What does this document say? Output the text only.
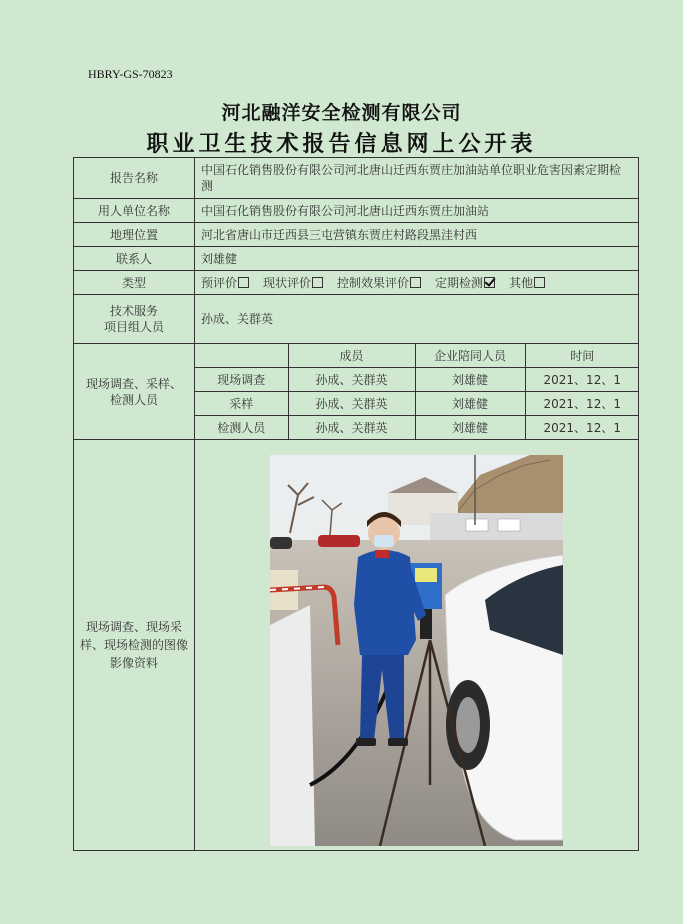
HBRY-GS-70823
河北融洋安全检测有限公司
职业卫生技术报告信息网上公开表
报告名称	中国石化销售股份有限公司河北唐山迁西东贾庄加油站单位职业危害因素定期检测
用人单位名称	中国石化销售股份有限公司河北唐山迁西东贾庄加油站
地理位置	河北省唐山市迁西县三屯营镇东贾庄村路段黑洼村西
联系人	刘雄健
类型	预评价 现状评价 控制效果评价 定期检测 其他

技术服务
项目组人员
	孙成、关群英

现场调查、采样、
检测人员

	成员	企业陪同人员	时间
现场调查	孙成、关群英	刘雄健	2021、12、1
采样	孙成、关群英	刘雄健	2021、12、1
检测人员	孙成、关群英	刘雄健	2021、12、1

现场调查、现场采样、现场检测的图像影像资料	
